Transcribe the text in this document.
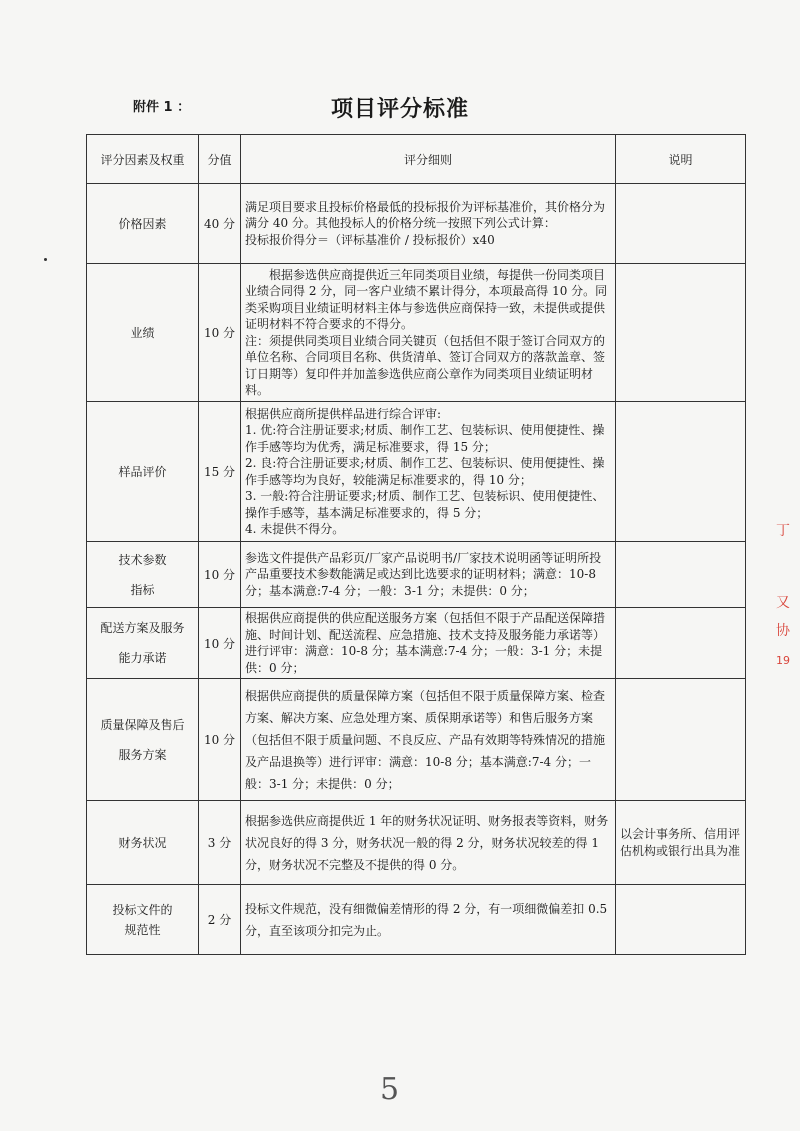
附件 1 ：	项目评分标准
评分因素及权重	分值	评分细则	说明
价格因素	40 分	满足项目要求且投标价格最低的投标报价为评标基准价，其价格分为满分 40 分。其他投标人的价格分统一按照下列公式计算：

投标报价得分＝（评标基准价 / 投标报价）x40	

业绩	10 分	根据参选供应商提供近三年同类项目业绩，每提供一份同类项目业绩合同得 2 分，同一客户业绩不累计得分，本项最高得 10 分。同类采购项目业绩证明材料主体与参选供应商保持一致，未提供或提供证明材料不符合要求的不得分。

注：须提供同类项目业绩合同关键页（包括但不限于签订合同双方的单位名称、合同项目名称、供货清单、签订合同双方的落款盖章、签订日期等）复印件并加盖参选供应商公章作为同类项目业绩证明材料。	

样品评价	15 分	根据供应商所提供样品进行综合评审:

1. 优:符合注册证要求;材质、制作工艺、包装标识、使用便捷性、操作手感等均为优秀，满足标准要求，得 15 分；

2. 良:符合注册证要求;材质、制作工艺、包装标识、使用便捷性、操作手感等均为良好，较能满足标准要求的，得 10 分；

3. 一般:符合注册证要求;材质、制作工艺、包装标识、使用便捷性、操作手感等，基本满足标准要求的，得 5 分；

4. 未提供不得分。	

技术参数
指标	10 分	参选文件提供产品彩页/厂家产品说明书/厂家技术说明函等证明所投产品重要技术参数能满足或达到比选要求的证明材料；满意：10-8 分；基本满意:7-4 分；一般：3-1 分；未提供：0 分；	

配送方案及服务
能力承诺	10 分	根据供应商提供的供应配送服务方案（包括但不限于产品配送保障措施、时间计划、配送流程、应急措施、技术支持及服务能力承诺等）进行评审：满意：10-8 分；基本满意:7-4 分；一般：3-1 分；未提供：0 分；	

质量保障及售后
服务方案	10 分	根据供应商提供的质量保障方案（包括但不限于质量保障方案、检查方案、解决方案、应急处理方案、质保期承诺等）和售后服务方案（包括但不限于质量问题、不良反应、产品有效期等特殊情况的措施及产品退换等）进行评审：满意：10-8 分；基本满意:7-4 分；一般：3-1 分；未提供：0 分；	

财务状况	3 分	根据参选供应商提供近 1 年的财务状况证明、财务报表等资料，财务状况良好的得 3 分，财务状况一般的得 2 分，财务状况较差的得 1 分，财务状况不完整及不提供的得 0 分。	以会计事务所、信用评估机构或银行出具为准

投标文件的
规范性	2 分	投标文件规范，没有细微偏差情形的得 2 分，有一项细微偏差扣 0.5 分，直至该项分扣完为止。	

丁
又
协
19
5
